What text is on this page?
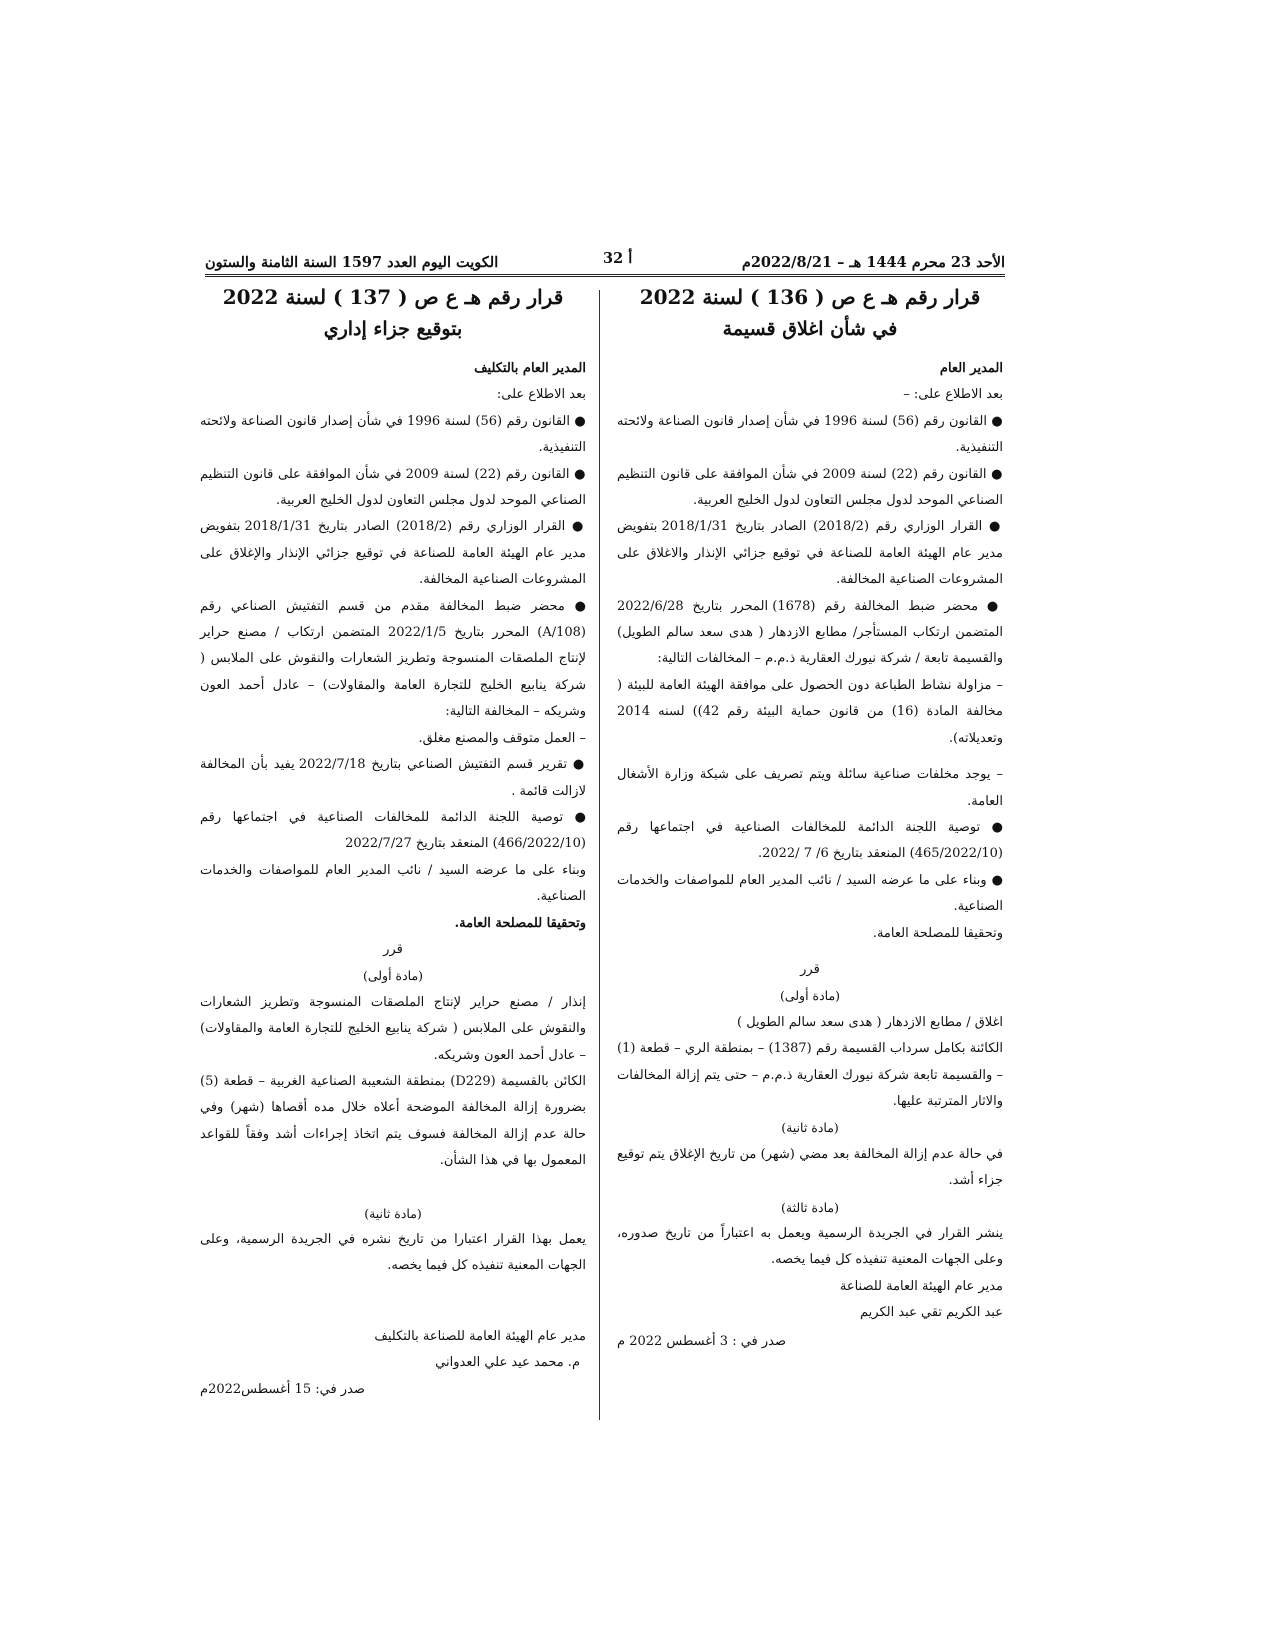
الأحد 23 محرم 1444 هـ – 2022/8/21م
أ 32
الكويت اليوم العدد 1597 السنة الثامنة والستون
قرار رقم هـ ع ص ( 136 ) لسنة 2022
في شأن اغلاق قسيمة

المدير العام

بعد الاطلاع على: –

● القانون رقم (56) لسنة 1996 في شأن إصدار قانون الصناعة ولائحته التنفيذية.

● القانون رقم (22) لسنة 2009 في شأن الموافقة على قانون التنظيم الصناعي الموحد لدول مجلس التعاون لدول الخليج العربية.

● القرار الوزاري رقم (2018/2) الصادر بتاريخ 2018/1/31 بتفويض مدير عام الهيئة العامة للصناعة في توقيع جزائي الإنذار والاغلاق على المشروعات الصناعية المخالفة.

● محضر ضبط المخالفة رقم (1678) المحرر بتاريخ 2022/6/28 المتضمن ارتكاب المستأجر/ مطابع الازدهار ( هدى سعد سالم الطويل) والقسيمة تابعة / شركة نيورك العقارية ذ.م.م – المخالفات التالية:

– مزاولة نشاط الطباعة دون الحصول على موافقة الهيئة العامة للبيئة ( مخالفة المادة (16) من قانون حماية البيئة رقم 42)) لسنه 2014 وتعديلاته).

– يوجد مخلفات صناعية سائلة ويتم تصريف على شبكة وزارة الأشغال العامة.

● توصية اللجنة الدائمة للمخالفات الصناعية في اجتماعها رقم (465/2022/10) المنعقد بتاريخ 6/ 7 /2022.

● وبناء على ما عرضه السيد / نائب المدير العام للمواصفات والخدمات الصناعية.

وتحقيقا للمصلحة العامة.

قرر

(مادة أولى)

اغلاق / مطابع الازدهار ( هدى سعد سالم الطويل )

الكائنة بكامل سرداب القسيمة رقم (1387) – بمنطقة الري – قطعة (1) – والقسيمة تابعة شركة نيورك العقارية ذ.م.م – حتى يتم إزالة المخالفات والاثار المترتبة عليها.

(مادة ثانية)

في حالة عدم إزالة المخالفة بعد مضي (شهر) من تاريخ الإغلاق يتم توقيع جزاء أشد.

(مادة ثالثة)

ينشر القرار في الجريدة الرسمية ويعمل به اعتباراً من تاريخ صدوره، وعلى الجهات المعنية تنفيذه كل فيما يخصه.

مدير عام الهيئة العامة للصناعة

عبد الكريم تقي عبد الكريم

صدر في : 3 أغسطس 2022 م

قرار رقم هـ ع ص ( 137 ) لسنة 2022
بتوقيع جزاء إداري

المدير العام بالتكليف

بعد الاطلاع على:

● القانون رقم (56) لسنة 1996 في شأن إصدار قانون الصناعة ولائحته التنفيذية.

● القانون رقم (22) لسنة 2009 في شأن الموافقة على قانون التنظيم الصناعي الموحد لدول مجلس التعاون لدول الخليج العربية.

● القرار الوزاري رقم (2018/2) الصادر بتاريخ 2018/1/31 بتفويض مدير عام الهيئة العامة للصناعة في توقيع جزائي الإنذار والإغلاق على المشروعات الصناعية المخالفة.

● محضر ضبط المخالفة مقدم من قسم التفتيش الصناعي رقم (A/108) المحرر بتاريخ 2022/1/5 المتضمن ارتكاب / مصنع حراير لإنتاج الملصقات المنسوجة وتطريز الشعارات والنقوش على الملابس ( شركة ينابيع الخليج للتجارة العامة والمقاولات) – عادل أحمد العون وشريكه – المخالفة التالية:

– العمل متوقف والمصنع مغلق.

● تقرير قسم التفتيش الصناعي بتاريخ 2022/7/18 يفيد بأن المخالفة لازالت قائمة .

● توصية اللجنة الدائمة للمخالفات الصناعية في اجتماعها رقم (466/2022/10) المنعقد بتاريخ 2022/7/27

وبناء على ما عرضه السيد / نائب المدير العام للمواصفات والخدمات الصناعية.

وتحقيقا للمصلحة العامة.

قرر

(مادة أولى)

إنذار / مصنع حراير لإنتاج الملصقات المنسوجة وتطريز الشعارات والنقوش على الملابس ( شركة ينابيع الخليج للتجارة العامة والمقاولات) – عادل أحمد العون وشريكه.

الكائن بالقسيمة (D229) بمنطقة الشعيبة الصناعية الغربية – قطعة (5) بضرورة إزالة المخالفة الموضحة أعلاه خلال مده أقصاها (شهر) وفي حالة عدم إزالة المخالفة فسوف يتم اتخاذ إجراءات أشد وفقاً للقواعد المعمول بها في هذا الشأن.

(مادة ثانية)

يعمل بهذا القرار اعتبارا من تاريخ نشره في الجريدة الرسمية، وعلى الجهات المعنية تنفيذه كل فيما يخصه.

مدير عام الهيئة العامة للصناعة بالتكليف

م. محمد عيد علي العدواني

صدر في: 15 أغسطس2022م
